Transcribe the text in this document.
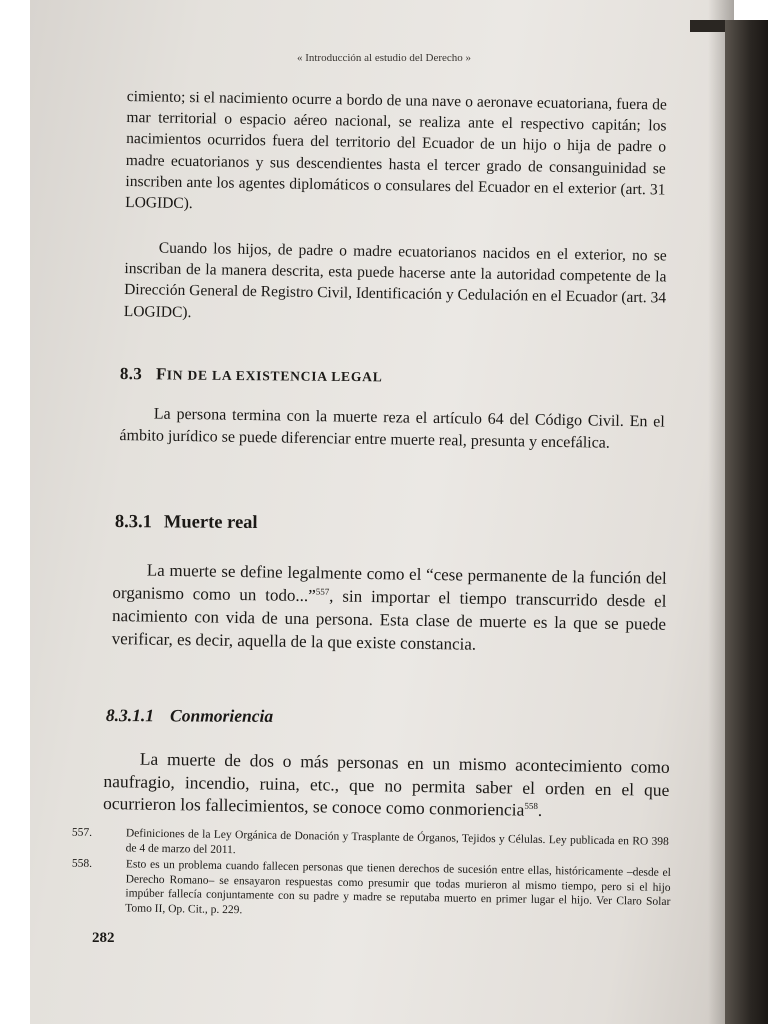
« Introducción al estudio del Derecho »
cimiento; si el nacimiento ocurre a bordo de una nave o aeronave ecuatoriana, fuera de mar territorial o espacio aéreo nacional, se realiza ante el respectivo capitán; los nacimientos ocurridos fuera del territorio del Ecuador de un hijo o hija de padre o madre ecuatorianos y sus descendientes hasta el tercer grado de consanguinidad se inscriben ante los agentes diplomáticos o consulares del Ecuador en el exterior (art. 31 LOGIDC).
Cuando los hijos, de padre o madre ecuatorianos nacidos en el exterior, no se inscriban de la manera descrita, esta puede hacerse ante la autoridad competente de la Dirección General de Registro Civil, Identificación y Cedulación en el Ecuador (art. 34 LOGIDC).
8.3 FIN DE LA EXISTENCIA LEGAL
La persona termina con la muerte reza el artículo 64 del Código Civil. En el ámbito jurídico se puede diferenciar entre muerte real, presunta y encefálica.
8.3.1 Muerte real
La muerte se define legalmente como el “cese permanente de la función del organismo como un todo...”$^{557}$, sin importar el tiempo transcurrido desde el nacimiento con vida de una persona. Esta clase de muerte es la que se puede verificar, es decir, aquella de la que existe constancia.
8.3.1.1 Conmoriencia
La muerte de dos o más personas en un mismo acontecimiento como naufragio, incendio, ruina, etc., que no permita saber el orden en el que ocurrieron los fallecimientos, se conoce como conmoriencia$^{558}$.
557.	Definiciones de la Ley Orgánica de Donación y Trasplante de Órganos, Tejidos y Células. Ley publicada en RO 398 de 4 de marzo del 2011.
558.	Esto es un problema cuando fallecen personas que tienen derechos de sucesión entre ellas, históricamente –desde el Derecho Romano– se ensayaron respuestas como presumir que todas murieron al mismo tiempo, pero si el hijo impúber fallecía conjuntamente con su padre y madre se reputaba muerto en primer lugar el hijo. Ver Claro Solar Tomo II, Op. Cit., p. 229.
282
